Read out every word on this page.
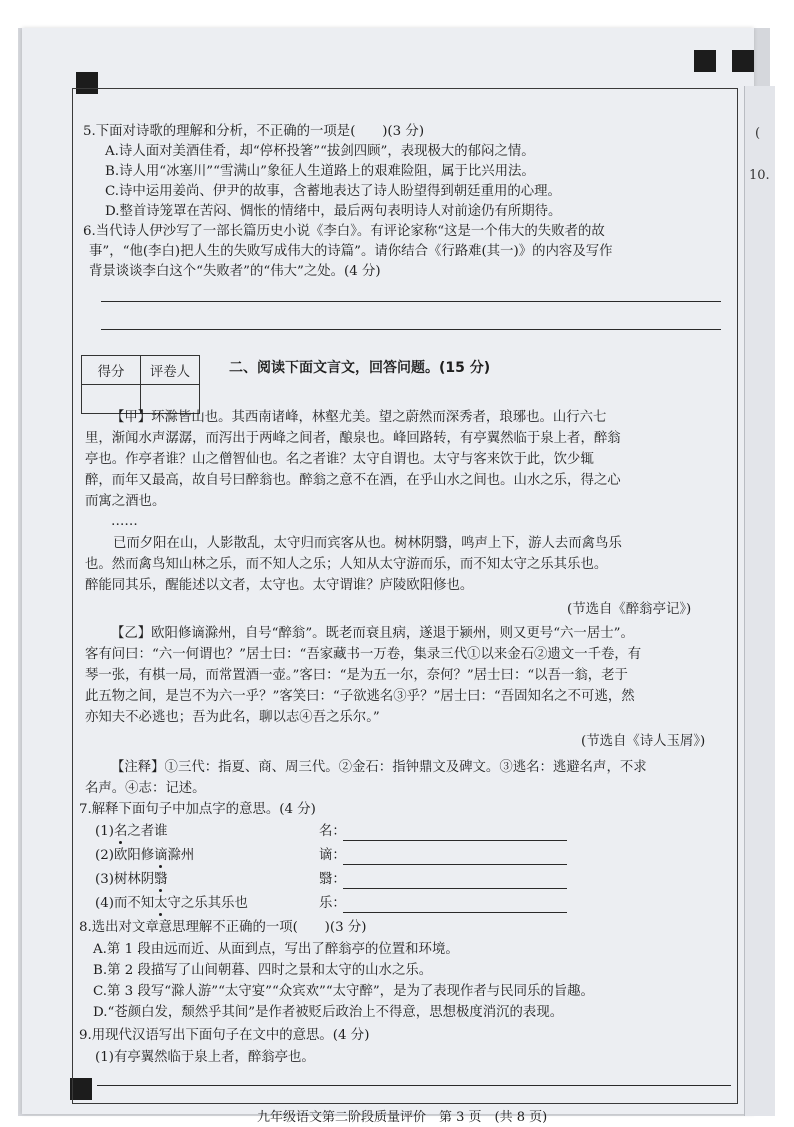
(
10.
5.下面对诗歌的理解和分析，不正确的一项是(　　)(3 分)
A.诗人面对美酒佳肴，却“停杯投箸”“拔剑四顾”，表现极大的郁闷之情。
B.诗人用“冰塞川”“雪满山”象征人生道路上的艰难险阻，属于比兴用法。
C.诗中运用姜尚、伊尹的故事，含蓄地表达了诗人盼望得到朝廷重用的心理。
D.整首诗笼罩在苦闷、惆怅的情绪中，最后两句表明诗人对前途仍有所期待。
6.当代诗人伊沙写了一部长篇历史小说《李白》。有评论家称“这是一个伟大的失败者的故
事”，“他(李白)把人生的失败写成伟大的诗篇”。请你结合《行路难(其一)》的内容及写作
背景谈谈李白这个“失败者”的“伟大”之处。(4 分)
得分	评卷人
		二、阅读下面文言文，回答问题。(15 分)
【甲】环滁皆山也。其西南诸峰，林壑尤美。望之蔚然而深秀者，琅琊也。山行六七
里，渐闻水声潺潺，而泻出于两峰之间者，酿泉也。峰回路转，有亭翼然临于泉上者，醉翁
亭也。作亭者谁？山之僧智仙也。名之者谁？太守自谓也。太守与客来饮于此，饮少辄
醉，而年又最高，故自号曰醉翁也。醉翁之意不在酒，在乎山水之间也。山水之乐，得之心
而寓之酒也。
……
已而夕阳在山，人影散乱，太守归而宾客从也。树林阴翳，鸣声上下，游人去而禽鸟乐
也。然而禽鸟知山林之乐，而不知人之乐；人知从太守游而乐，而不知太守之乐其乐也。
醉能同其乐，醒能述以文者，太守也。太守谓谁？庐陵欧阳修也。
(节选自《醉翁亭记》)
【乙】欧阳修谪滁州，自号“醉翁”。既老而衰且病，遂退于颍州，则又更号“六一居士”。
客有问曰：“六一何谓也？”居士曰：“吾家藏书一万卷，集录三代①以来金石②遗文一千卷，有
琴一张，有棋一局，而常置酒一壶。”客曰：“是为五一尔，奈何？”居士曰：“以吾一翁，老于
此五物之间，是岂不为六一乎？”客笑曰：“子欲逃名③乎？”居士曰：“吾固知名之不可逃，然
亦知夫不必逃也；吾为此名，聊以志④吾之乐尔。”
(节选自《诗人玉屑》)
【注释】①三代：指夏、商、周三代。②金石：指钟鼎文及碑文。③逃名：逃避名声，不求
名声。④志：记述。
7.解释下面句子中加点字的意思。(4 分)
(1)名之者谁	名：
(2)欧阳修谪滁州	谪：
(3)树林阴翳	翳：
(4)而不知太守之乐其乐也	乐：
8.选出对文章意思理解不正确的一项(　　)(3 分)
A.第 1 段由远而近、从面到点，写出了醉翁亭的位置和环境。
B.第 2 段描写了山间朝暮、四时之景和太守的山水之乐。
C.第 3 段写“滁人游”“太守宴”“众宾欢”“太守醉”，是为了表现作者与民同乐的旨趣。
D.“苍颜白发，颓然乎其间”是作者被贬后政治上不得意，思想极度消沉的表现。
9.用现代汉语写出下面句子在文中的意思。(4 分)
(1)有亭翼然临于泉上者，醉翁亭也。
九年级语文第二阶段质量评价　第 3 页　(共 8 页)
